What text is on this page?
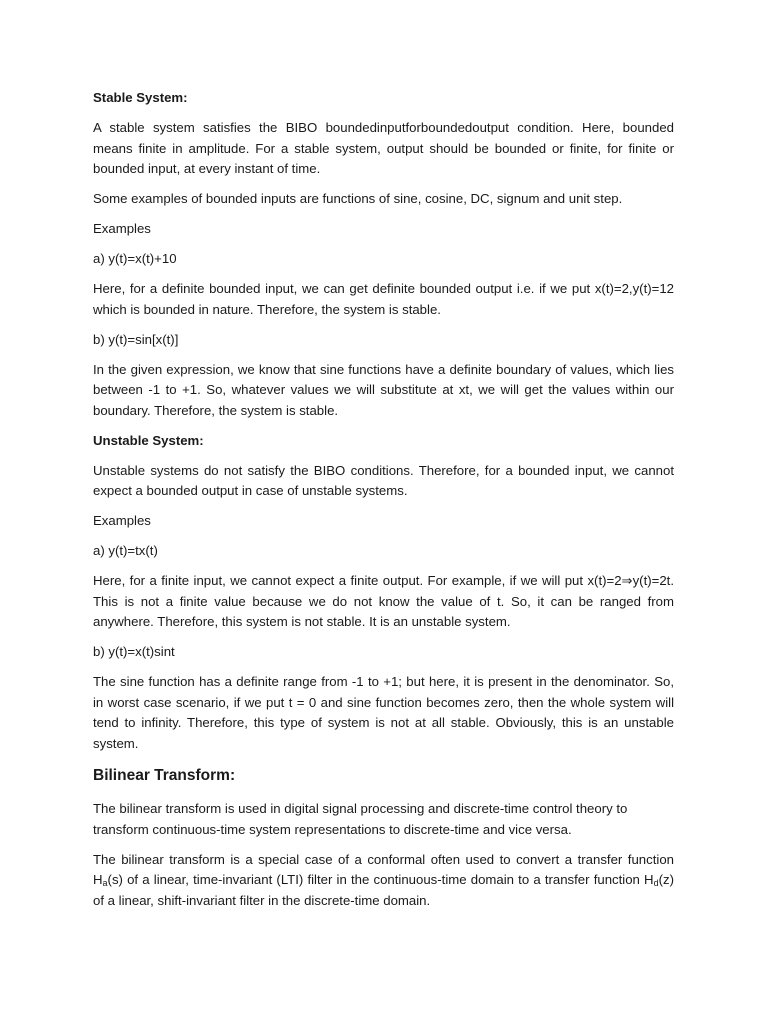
Stable System:

A stable system satisfies the BIBO boundedinputforboundedoutput condition. Here, bounded means finite in amplitude. For a stable system, output should be bounded or finite, for finite or bounded input, at every instant of time.

Some examples of bounded inputs are functions of sine, cosine, DC, signum and unit step.

Examples

a) y(t)=x(t)+10

Here, for a definite bounded input, we can get definite bounded output i.e. if we put x(t)=2,y(t)=12 which is bounded in nature. Therefore, the system is stable.

b) y(t)=sin[x(t)]

In the given expression, we know that sine functions have a definite boundary of values, which lies between -1 to +1. So, whatever values we will substitute at xt, we will get the values within our boundary. Therefore, the system is stable.

Unstable System:

Unstable systems do not satisfy the BIBO conditions. Therefore, for a bounded input, we cannot expect a bounded output in case of unstable systems.

Examples

a) y(t)=tx(t)

Here, for a finite input, we cannot expect a finite output. For example, if we will put x(t)=2⇒y(t)=2t. This is not a finite value because we do not know the value of t. So, it can be ranged from anywhere. Therefore, this system is not stable. It is an unstable system.

b) y(t)=x(t)sint

The sine function has a definite range from -1 to +1; but here, it is present in the denominator. So, in worst case scenario, if we put t = 0 and sine function becomes zero, then the whole system will tend to infinity. Therefore, this type of system is not at all stable. Obviously, this is an unstable system.

Bilinear Transform:

The bilinear transform is used in digital signal processing and discrete-time control theory to transform continuous-time system representations to discrete-time and vice versa.

The bilinear transform is a special case of a conformal often used to convert a transfer function $H_a(s)$ of a linear, time-invariant (LTI) filter in the continuous-time domain to a transfer function $H_d(z)$ of a linear, shift-invariant filter in the discrete-time domain.
